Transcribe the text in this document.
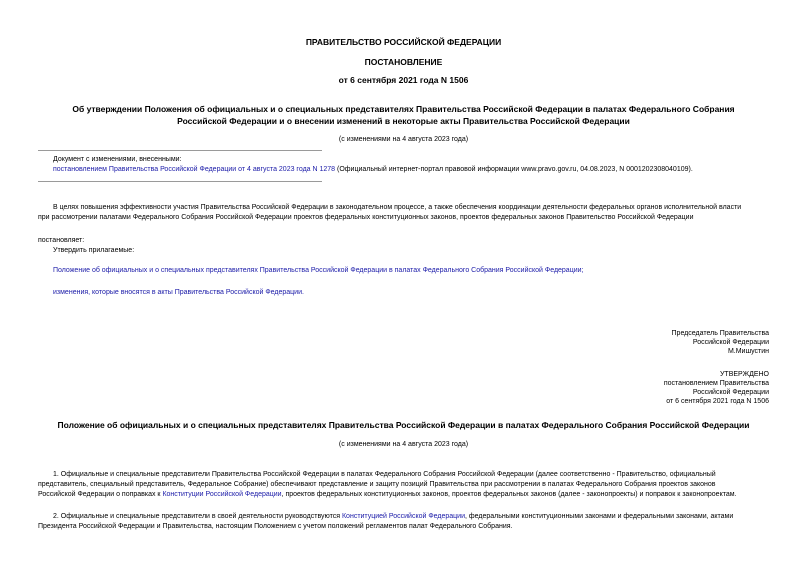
ПРАВИТЕЛЬСТВО РОССИЙСКОЙ ФЕДЕРАЦИИ
ПОСТАНОВЛЕНИЕ
от 6 сентября 2021 года N 1506
Об утверждении Положения об официальных и о специальных представителях Правительства Российской Федерации в палатах Федерального Собрания
Российской Федерации и о внесении изменений в некоторые акты Правительства Российской Федерации
(с изменениями на 4 августа 2023 года)
Документ с изменениями, внесенными:
постановлением Правительства Российской Федерации от 4 августа 2023 года N 1278 (Официальный интернет-портал правовой информации www.pravo.gov.ru, 04.08.2023, N 0001202308040109).
В целях повышения эффективности участия Правительства Российской Федерации в законодательном процессе, а также обеспечения координации деятельности федеральных органов исполнительной власти
при рассмотрении палатами Федерального Собрания Российской Федерации проектов федеральных конституционных законов, проектов федеральных законов Правительство Российской Федерации
постановляет:
Утвердить прилагаемые:
Положение об официальных и о специальных представителях Правительства Российской Федерации в палатах Федерального Собрания Российской Федерации;
изменения, которые вносятся в акты Правительства Российской Федерации.
Председатель Правительства
Российской Федерации
М.Мишустин
УТВЕРЖДЕНО
постановлением Правительства
Российской Федерации
от 6 сентября 2021 года N 1506
Положение об официальных и о специальных представителях Правительства Российской Федерации в палатах Федерального Собрания Российской Федерации
(с изменениями на 4 августа 2023 года)
1. Официальные и специальные представители Правительства Российской Федерации в палатах Федерального Собрания Российской Федерации (далее соответственно - Правительство, официальный
представитель, специальный представитель, Федеральное Собрание) обеспечивают представление и защиту позиций Правительства при рассмотрении в палатах Федерального Собрания проектов законов
Российской Федерации о поправках к Конституции Российской Федерации, проектов федеральных конституционных законов, проектов федеральных законов (далее - законопроекты) и поправок к законопроектам.
2. Официальные и специальные представители в своей деятельности руководствуются Конституцией Российской Федерации, федеральными конституционными законами и федеральными законами, актами
Президента Российской Федерации и Правительства, настоящим Положением с учетом положений регламентов палат Федерального Собрания.
